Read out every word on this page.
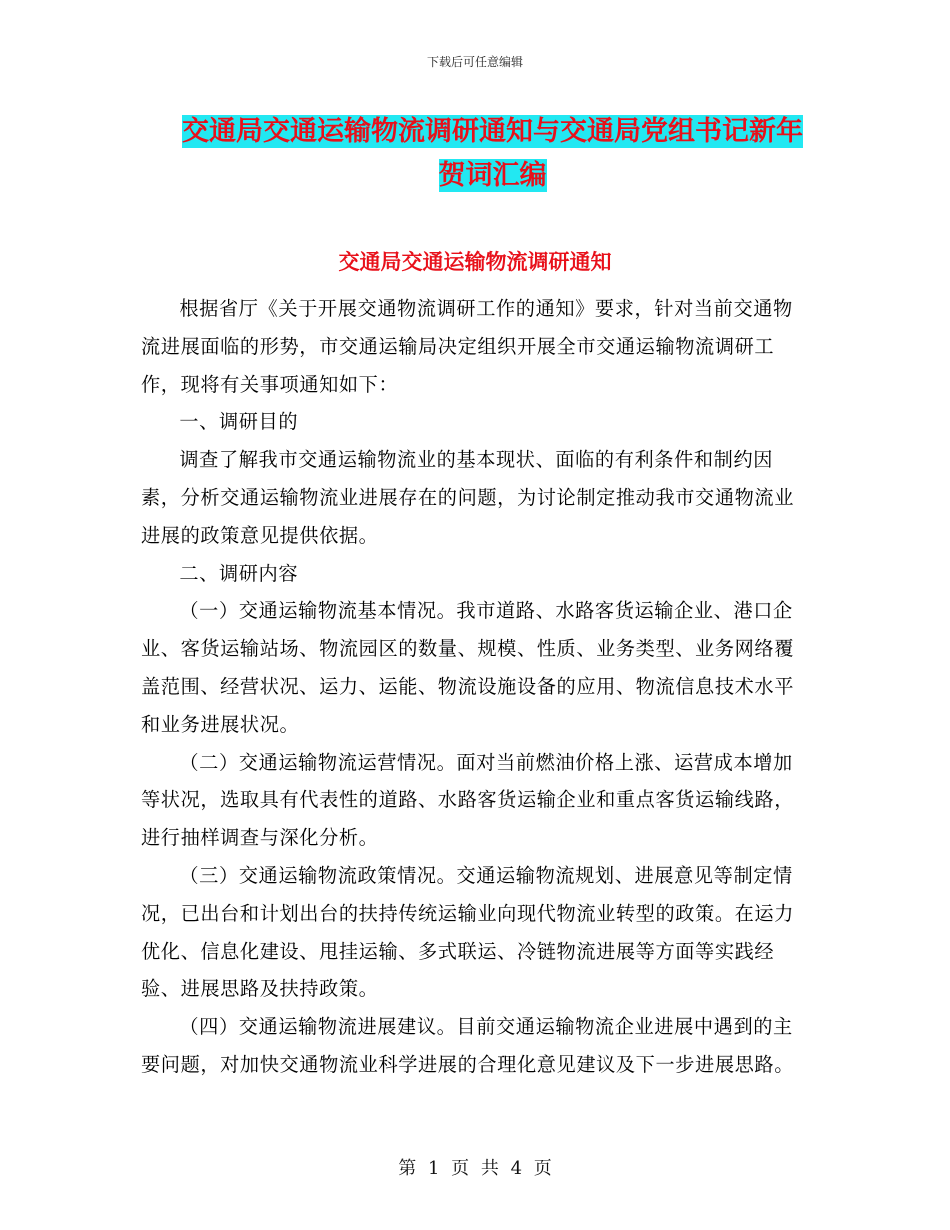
下载后可任意编辑
交通局交通运输物流调研通知与交通局党组书记新年
贺词汇编
交通局交通运输物流调研通知

根据省厅《关于开展交通物流调研工作的通知》要求，针对当前交通物流进展面临的形势，市交通运输局决定组织开展全市交通运输物流调研工作，现将有关事项通知如下：

一、调研目的

调查了解我市交通运输物流业的基本现状、面临的有利条件和制约因素，分析交通运输物流业进展存在的问题，为讨论制定推动我市交通物流业进展的政策意见提供依据。

二、调研内容

（一）交通运输物流基本情况。我市道路、水路客货运输企业、港口企业、客货运输站场、物流园区的数量、规模、性质、业务类型、业务网络覆盖范围、经营状况、运力、运能、物流设施设备的应用、物流信息技术水平和业务进展状况。

（二）交通运输物流运营情况。面对当前燃油价格上涨、运营成本增加等状况，选取具有代表性的道路、水路客货运输企业和重点客货运输线路，进行抽样调查与深化分析。

（三）交通运输物流政策情况。交通运输物流规划、进展意见等制定情况，已出台和计划出台的扶持传统运输业向现代物流业转型的政策。在运力优化、信息化建设、甩挂运输、多式联运、冷链物流进展等方面等实践经验、进展思路及扶持政策。

（四）交通运输物流进展建议。目前交通运输物流企业进展中遇到的主要问题，对加快交通物流业科学进展的合理化意见建议及下一步进展思路。

第 1 页 共 4 页
